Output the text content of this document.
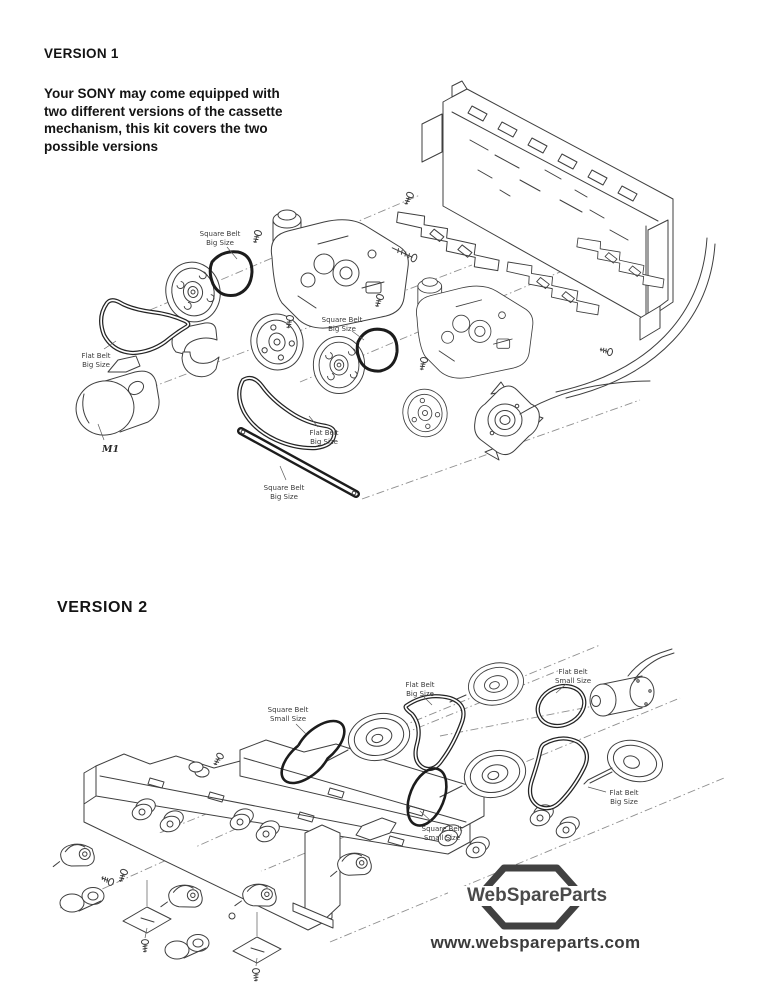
Square Belt Big Size
Flat Belt Big Size
M1
Square Belt Big Size
Flat Belt Big Size
Square Belt Big Size
Square Belt Small Size
Flat Belt Big Size
Flat Belt Small Size
Flat Belt Big Size
Square Belt Small Size
VERSION 1
Your SONY may come equipped with
two different versions of the cassette
mechanism, this kit covers the two
possible versions
VERSION 2
WebSpareParts
www.webspareparts.com
